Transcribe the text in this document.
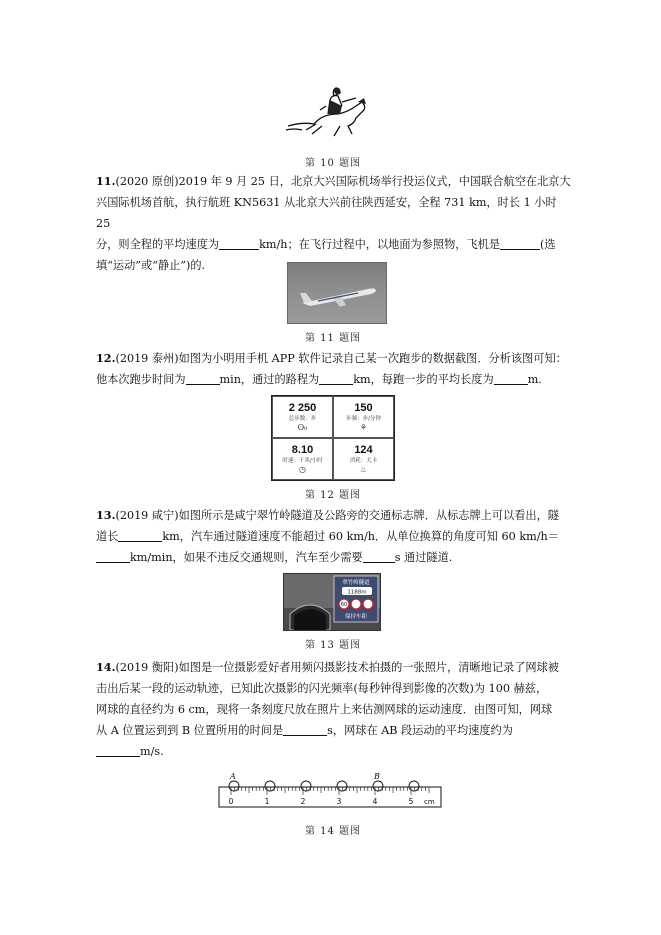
第 10 题图
11.(2020 原创)2019 年 9 月 25 日，北京大兴国际机场举行投运仪式，中国联合航空在北京大
兴国际机场首航，执行航班 KN5631 从北京大兴前往陕西延安，全程 731 km，时长 1 小时 25
分，则全程的平均速度为	km/h；在飞行过程中，以地面为参照物，飞机是	(选
填“运动”或“静止”)的.
第 11 题图
12.(2019 泰州)如图为小明用手机 APP 软件记录自己某一次跑步的数据截图．分析该图可知：
他本次跑步时间为	min，通过的路程为	km，每跑一步的平均长度为	m.
2 250
总步数：步
ʘ₀
150
步频：步/分钟
⚘
8.10
时速：千米/小时
◷
124
消耗：大卡
♨
第 12 题图
13.(2019 咸宁)如图所示是咸宁翠竹岭隧道及公路旁的交通标志牌．从标志牌上可以看出，隧
道长	km，汽车通过隧道速度不能超过 60 km/h．从单位换算的角度可知 60 km/h＝
km/min，如果不违反交通规则，汽车至少需要	s 通过隧道.
翠竹岭隧道
1188m
60
保持车距
第 13 题图
14.(2019 衡阳)如图是一位摄影爱好者用频闪摄影技术拍摄的一张照片，清晰地记录了网球被
击出后某一段的运动轨迹，已知此次摄影的闪光频率(每秒钟得到影像的次数)为 100 赫兹，
网球的直径约为 6 cm，现将一条刻度尺放在照片上来估测网球的运动速度．由图可知，网球
从 A 位置运到到 B 位置所用的时间是	s，网球在 AB 段运动的平均速度约为
m/s.
A	B
0	1	2	3	4	5 cm
第 14 题图
